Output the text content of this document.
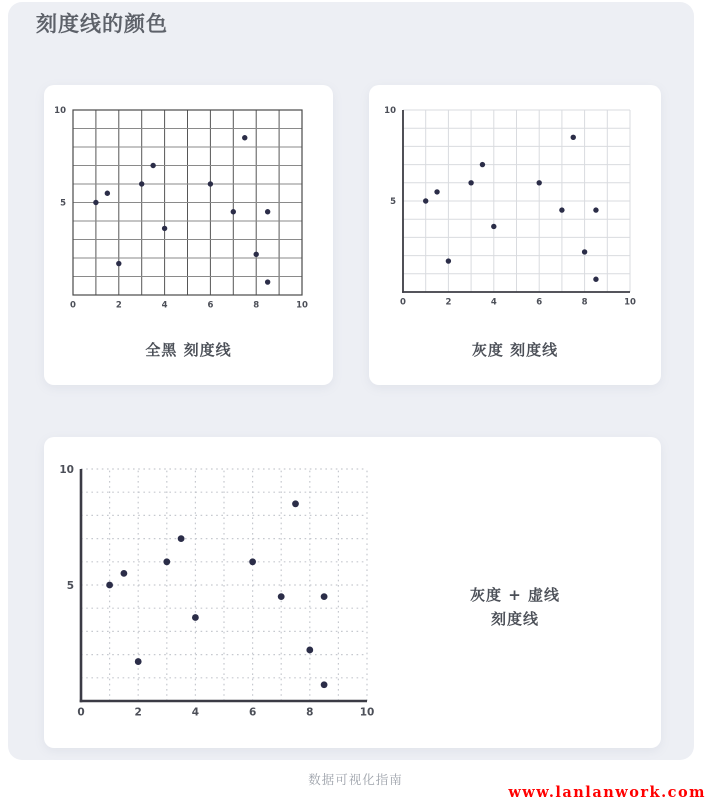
刻度线的颜色
0	2	4	6	8	10
5
10
全黑 刻度线
0	2	4	6	8	10
5
10
灰度 刻度线
0	2	4	6	8	10
5
10
灰度 + 虚线
刻度线
数据可视化指南
www.lanlanwork.com
